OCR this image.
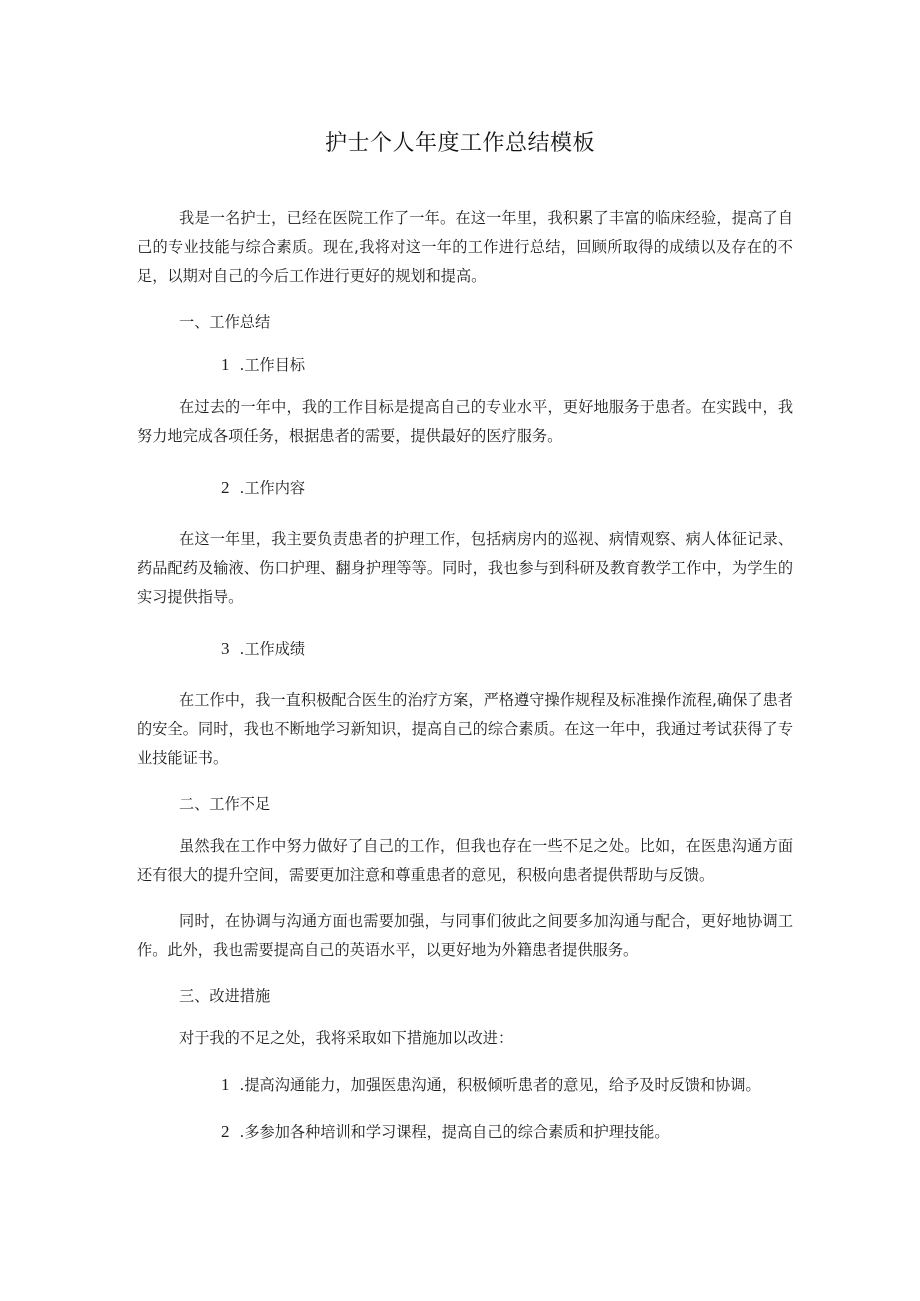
护士个人年度工作总结模板

我是一名护士，已经在医院工作了一年。在这一年里，我积累了丰富的临床经验，提高了自己的专业技能与综合素质。现在,我将对这一年的工作进行总结，回顾所取得的成绩以及存在的不足，以期对自己的今后工作进行更好的规划和提高。

一、工作总结

1 .工作目标

在过去的一年中，我的工作目标是提高自己的专业水平，更好地服务于患者。在实践中，我努力地完成各项任务，根据患者的需要，提供最好的医疗服务。

2 .工作内容

在这一年里，我主要负责患者的护理工作，包括病房内的巡视、病情观察、病人体征记录、药品配药及输液、伤口护理、翻身护理等等。同时，我也参与到科研及教育教学工作中，为学生的实习提供指导。

3 .工作成绩

在工作中，我一直积极配合医生的治疗方案，严格遵守操作规程及标准操作流程,确保了患者的安全。同时，我也不断地学习新知识，提高自己的综合素质。在这一年中，我通过考试获得了专业技能证书。

二、工作不足

虽然我在工作中努力做好了自己的工作，但我也存在一些不足之处。比如，在医患沟通方面还有很大的提升空间，需要更加注意和尊重患者的意见，积极向患者提供帮助与反馈。

同时，在协调与沟通方面也需要加强，与同事们彼此之间要多加沟通与配合，更好地协调工作。此外，我也需要提高自己的英语水平，以更好地为外籍患者提供服务。

三、改进措施

对于我的不足之处，我将采取如下措施加以改进：

1 .提高沟通能力，加强医患沟通，积极倾听患者的意见，给予及时反馈和协调。

2 .多参加各种培训和学习课程，提高自己的综合素质和护理技能。
